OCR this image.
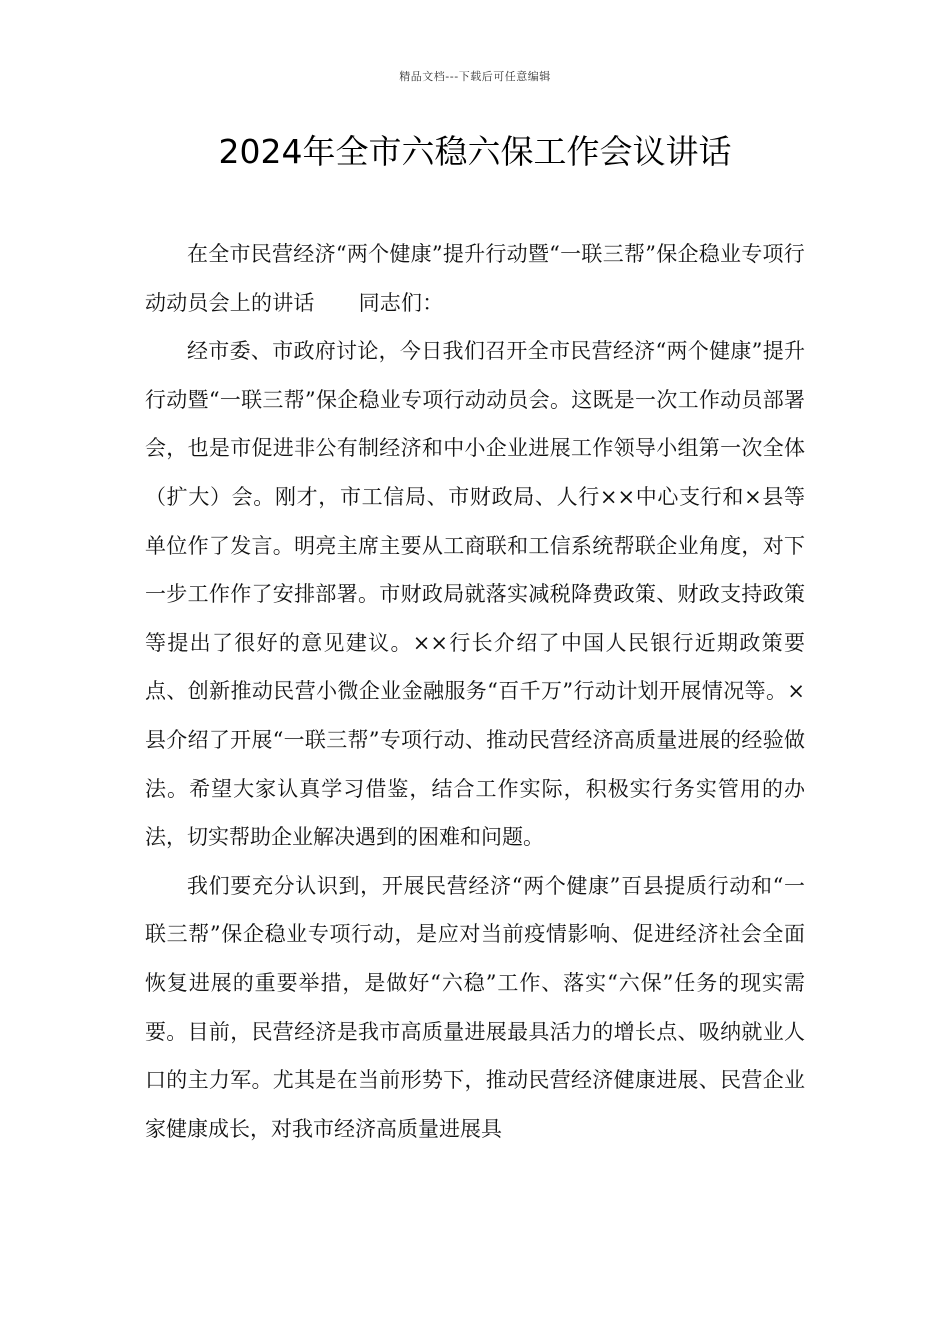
精品文档---下载后可任意编辑
2024年全市六稳六保工作会议讲话

在全市民营经济“两个健康”提升行动暨“一联三帮”保企稳业专项行动动员会上的讲话 同志们：

经市委、市政府讨论，今日我们召开全市民营经济“两个健康”提升行动暨“一联三帮”保企稳业专项行动动员会。这既是一次工作动员部署会，也是市促进非公有制经济和中小企业进展工作领导小组第一次全体（扩大）会。刚才，市工信局、市财政局、人行××中心支行和×县等单位作了发言。明亮主席主要从工商联和工信系统帮联企业角度，对下一步工作作了安排部署。市财政局就落实减税降费政策、财政支持政策等提出了很好的意见建议。××行长介绍了中国人民银行近期政策要点、创新推动民营小微企业金融服务“百千万”行动计划开展情况等。×县介绍了开展“一联三帮”专项行动、推动民营经济高质量进展的经验做法。希望大家认真学习借鉴，结合工作实际，积极实行务实管用的办法，切实帮助企业解决遇到的困难和问题。

我们要充分认识到，开展民营经济“两个健康”百县提质行动和“一联三帮”保企稳业专项行动，是应对当前疫情影响、促进经济社会全面恢复进展的重要举措，是做好“六稳”工作、落实“六保”任务的现实需要。目前，民营经济是我市高质量进展最具活力的增长点、吸纳就业人口的主力军。尤其是在当前形势下，推动民营经济健康进展、民营企业家健康成长，对我市经济高质量进展具
